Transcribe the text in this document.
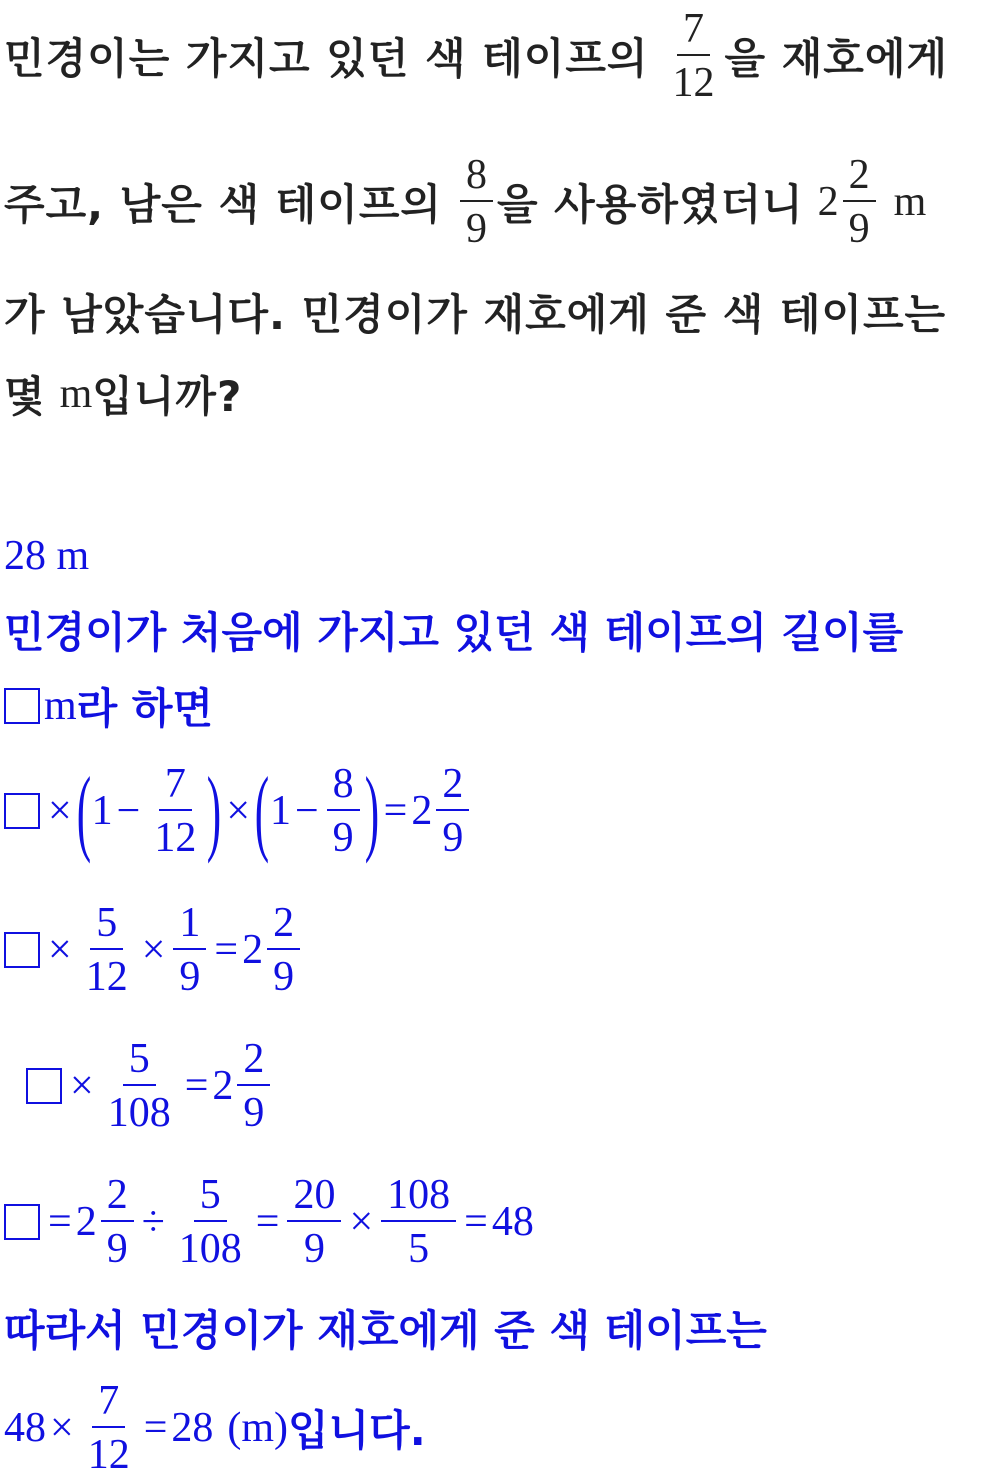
민경이는 가지고 있던 색 테이프의 $\frac{7}{12}$ 을 재호에게
주고, 남은 색 테이프의 $\frac{8}{9}$ 을 사용하였더니 $2 \frac{2}{9}$ m
가 남았습니다. 민경이가 재호에게 준 색 테이프는
몇 m 입니까?
28 m
민경이가 처음에 가지고 있던 색 테이프의 길이를
m 라 하면
× ( $1 - \frac{7}{12}$ ) × ( $1 - \frac{8}{9}$ ) = $2 \frac{2}{9}$
× $\frac{5}{12} \times \frac{1}{9} = 2 \frac{2}{9}$
× $\frac{5}{108} = 2 \frac{2}{9}$
= $2 \frac{2}{9} \div \frac{5}{108} = \frac{20}{9} \times \frac{108}{5} = 48$
따라서 민경이가 재호에게 준 색 테이프는
$48 \times \frac{7}{12} = 28$ (m) 입니다.
